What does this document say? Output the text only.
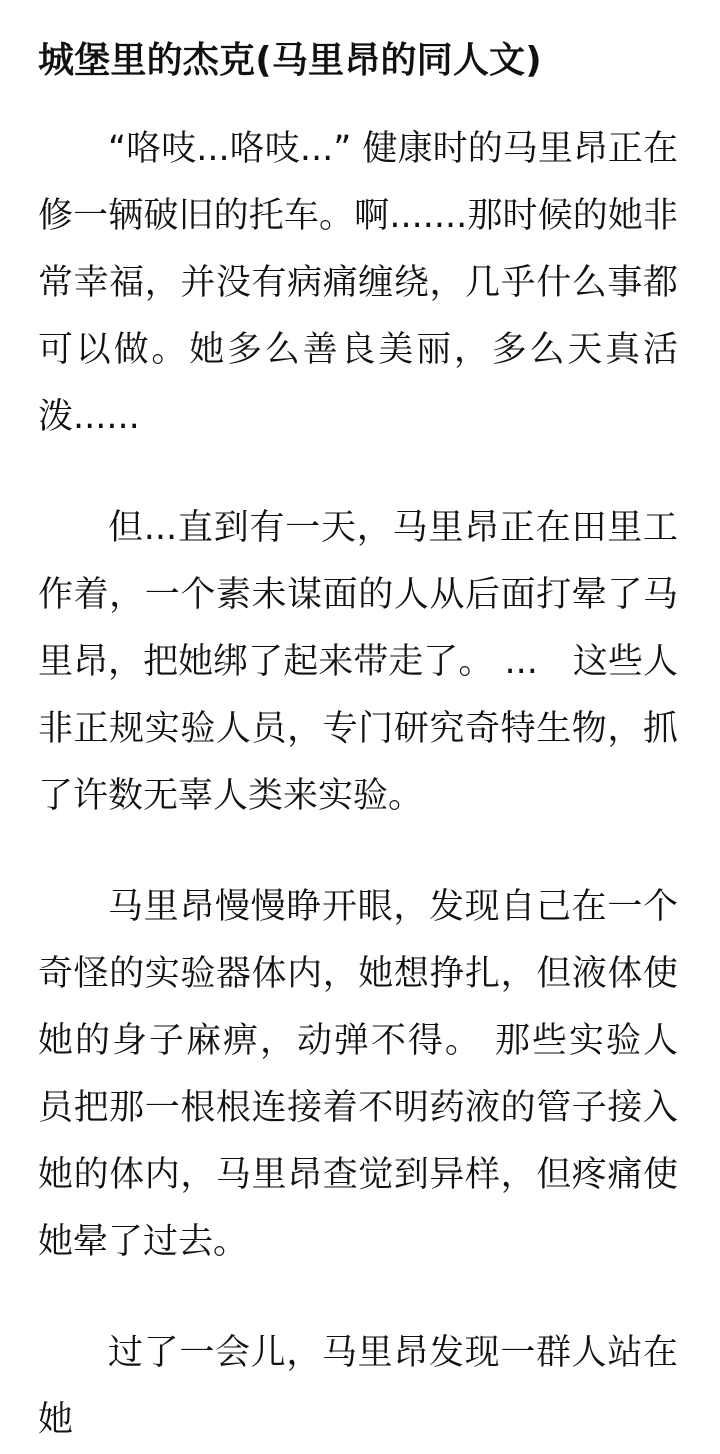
城堡里的杰克(马里昂的同人文)

“咯吱...咯吱...” 健康时的马里昂正在修一辆破旧的托车。啊.......那时候的她非常幸福，并没有病痛缠绕，几乎什么事都可以做。她多么善良美丽，多么天真活泼......

但...直到有一天，马里昂正在田里工作着，一个素未谋面的人从后面打晕了马里昂，把她绑了起来带走了。 ...　这些人非正规实验人员，专门研究奇特生物，抓了许数无辜人类来实验。

马里昂慢慢睁开眼，发现自己在一个奇怪的实验器体内，她想挣扎，但液体使她的身子麻痹，动弹不得。 那些实验人员把那一根根连接着不明药液的管子接入她的体内，马里昂查觉到异样，但疼痛使她晕了过去。

过了一会儿，马里昂发现一群人站在她
